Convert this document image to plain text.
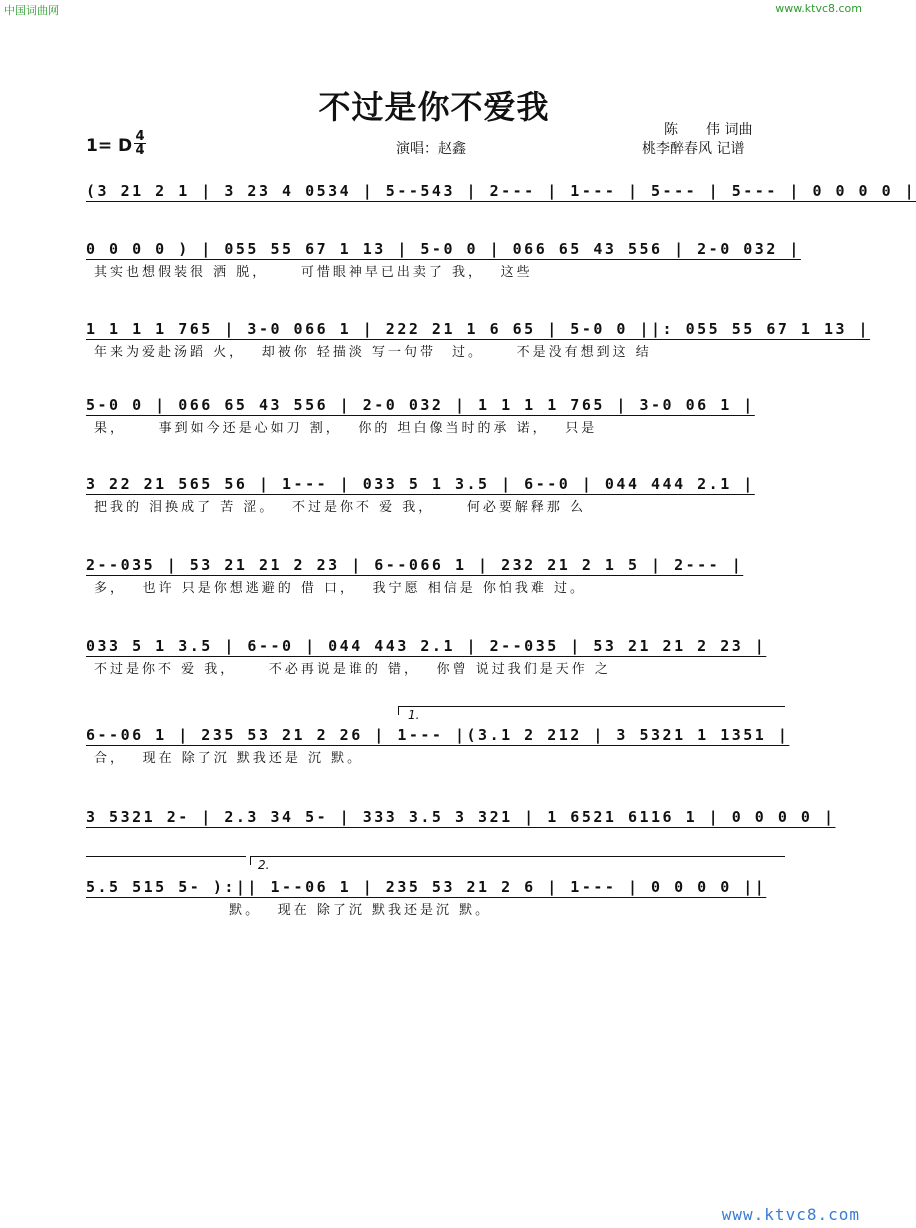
中国词曲网	www.ktvc8.com
www.ktvc8.com
不过是你不爱我
陈　　伟 词曲
桃李醉春风 记谱
1= D 4
4	演唱：赵鑫
(3 21 2 1 | 3 23 4 0534 | 5--543 | 2--- | 1--- | 5--- | 5--- | 0 0 0 0 |
0 0 0 0 ) | 055 55 67 1 13 | 5-0 0 | 066 65 43 556 | 2-0 032 |
其实也想假装很 洒 脱，　　 可惜眼神早已出卖了 我，　 这些
1 1 1 1 765 | 3-0 066 1 | 222 21 1 6 65 | 5-0 0 ||: 055 55 67 1 13 |
年来为爱赴汤蹈 火，　 却被你 轻描淡 写一句带　过。　　 不是没有想到这 结
5-0 0 | 066 65 43 556 | 2-0 032 | 1 1 1 1 765 | 3-0 06 1 |
果，　　 事到如今还是心如刀 割，　 你的 坦白像当时的承 诺，　 只是
3 22 21 565 56 | 1--- | 033 5 1 3.5 | 6--0 | 044 444 2.1 |
把我的 泪换成了 苦 涩。　 不过是你不 爱 我，　　 何必要解释那 么
2--035 | 53 21 21 2 23 | 6--066 1 | 232 21 2 1 5 | 2--- |
多，　 也许 只是你想逃避的 借 口，　 我宁愿 相信是 你怕我难 过。
033 5 1 3.5 | 6--0 | 044 443 2.1 | 2--035 | 53 21 21 2 23 |
不过是你不 爱 我，　　 不必再说是谁的 错，　 你曾 说过我们是天作 之
1.
6--06 1 | 235 53 21 2 26 | 1--- |(3.1 2 212 | 3 5321 1 1351 |
合，　 现在 除了沉 默我还是 沉 默。
3 5321 2- | 2.3 34 5- | 333 3.5 3 321 | 1 6521 6116 1 | 0 0 0 0 |
2.
5.5 515 5- ):|| 1--06 1 | 235 53 21 2 6 | 1--- | 0 0 0 0 ||
　　　　　　　　 默。　 现在 除了沉 默我还是沉 默。
